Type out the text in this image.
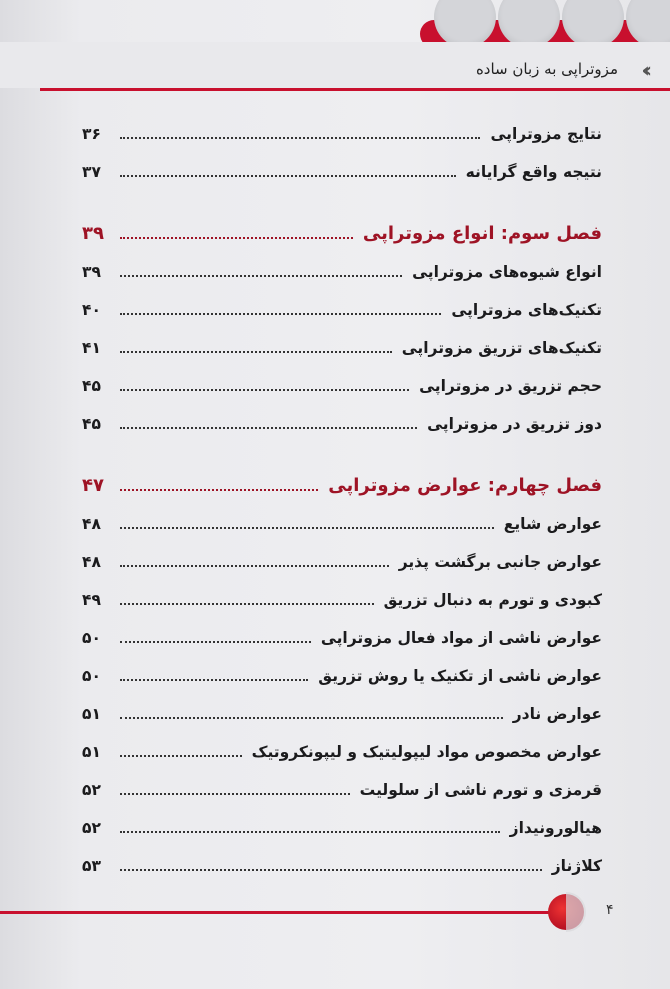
‹‹
مزوتراپی به زبان ساده
نتایج مزوتراپی
۳۶
نتیجه واقع گرایانه
۳۷
فصل سوم: انواع مزوتراپی
۳۹
انواع شیوه‌های مزوتراپی
۳۹
تکنیک‌های مزوتراپی
۴۰
تکنیک‌های تزریق مزوتراپی
۴۱
حجم تزریق در مزوتراپی
۴۵
دوز تزریق در مزوتراپی
۴۵
فصل چهارم: عوارض مزوتراپی
۴۷
عوارض شایع
۴۸
عوارض جانبی برگشت پذیر
۴۸
کبودی و تورم به دنبال تزریق
۴۹
عوارض ناشی از مواد فعال مزوتراپی
۵۰
عوارض ناشی از تکنیک یا روش تزریق
۵۰
عوارض نادر
۵۱
عوارض مخصوص مواد لیپولیتیک و لیپونکروتیک
۵۱
قرمزی و تورم ناشی از سلولیت
۵۲
هیالورونیداز
۵۲
کلاژناز
۵۳
۴
